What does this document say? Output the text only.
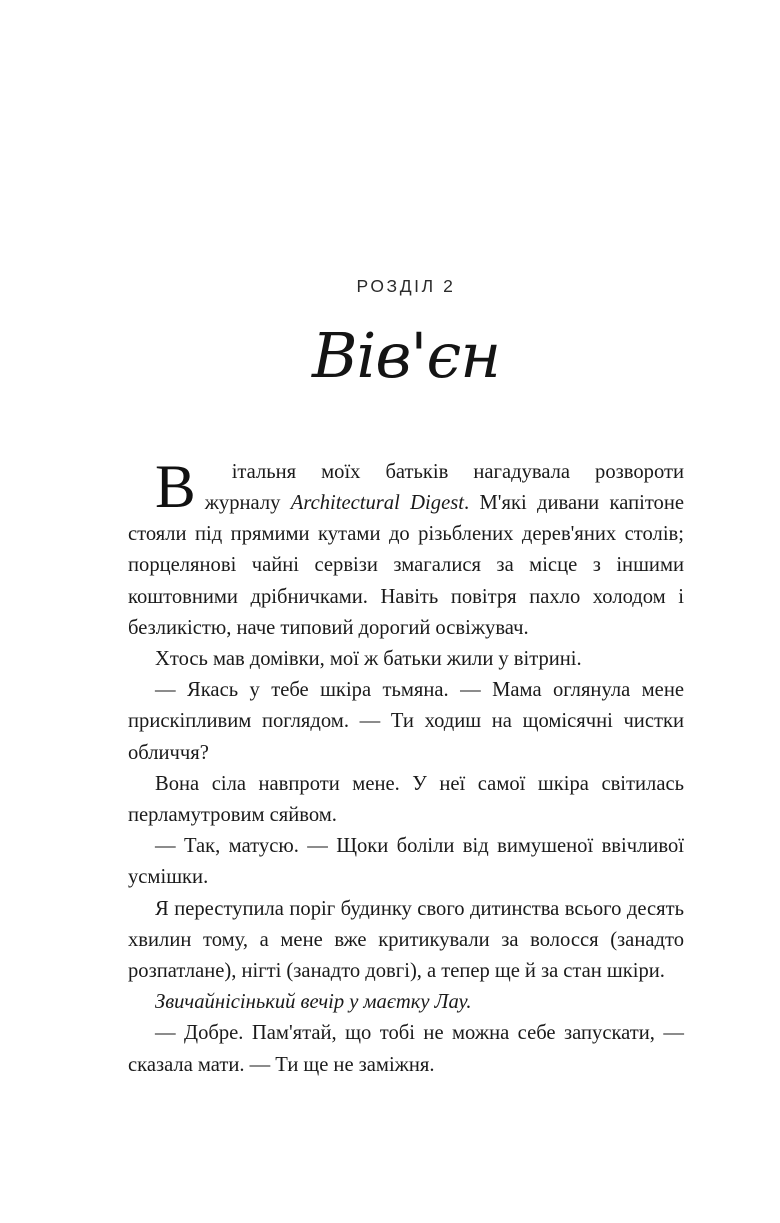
РОЗДІЛ 2
Вів'єн

В	італьня моїх батьків нагадувала розвороти журналу Architectural Digest. М'які дивани капітоне стояли під прямими кутами до різьблених дерев'яних столів; порцелянові чайні сервізи змагалися за місце з іншими коштовними дрібничками. Навіть повітря пахло холодом і безликістю, наче типовий дорогий освіжувач.

Хтось мав домівки, мої ж батьки жили у вітрині.

— Якась у тебе шкіра тьмяна. — Мама оглянула мене прискіпливим поглядом. — Ти ходиш на щомісячні чистки обличчя?

Вона сіла навпроти мене. У неї самої шкіра світилась перламутровим сяйвом.

— Так, матусю. — Щоки боліли від вимушеної ввічливої усмішки.

Я переступила поріг будинку свого дитинства всього десять хвилин тому, а мене вже критикували за волосся (занадто розпатлане), нігті (занадто довгі), а тепер ще й за стан шкіри.

Звичайнісінький вечір у маєтку Лау.

— Добре. Пам'ятай, що тобі не можна себе запускати, — сказала мати. — Ти ще не заміжня.
